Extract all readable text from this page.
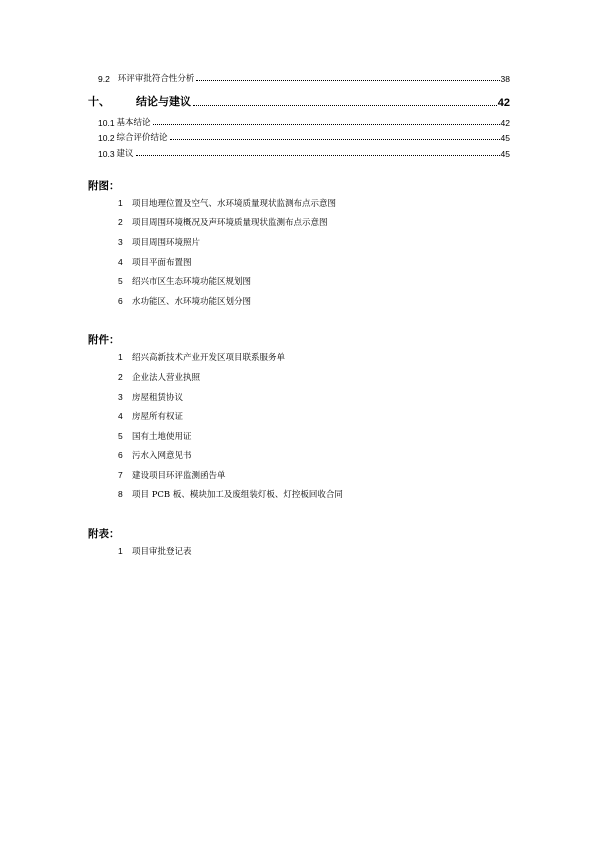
9.2 环评审批符合性分析	38
十、 结论与建议	42
10.1 基本结论	42
10.2 综合评价结论	45
10.3 建议	45
附图：
1 项目地理位置及空气、水环境质量现状监测布点示意图
2 项目周围环境概况及声环境质量现状监测布点示意图
3 项目周围环境照片
4 项目平面布置图
5 绍兴市区生态环境功能区规划图
6 水功能区、水环境功能区划分图
附件：
1 绍兴高新技术产业开发区项目联系服务单
2 企业法人营业执照
3 房屋租赁协议
4 房屋所有权证
5 国有土地使用证
6 污水入网意见书
7 建设项目环评监测函告单
8 项目 PCB 板、模块加工及废组装灯板、灯控板回收合同
附表：
1 项目审批登记表
